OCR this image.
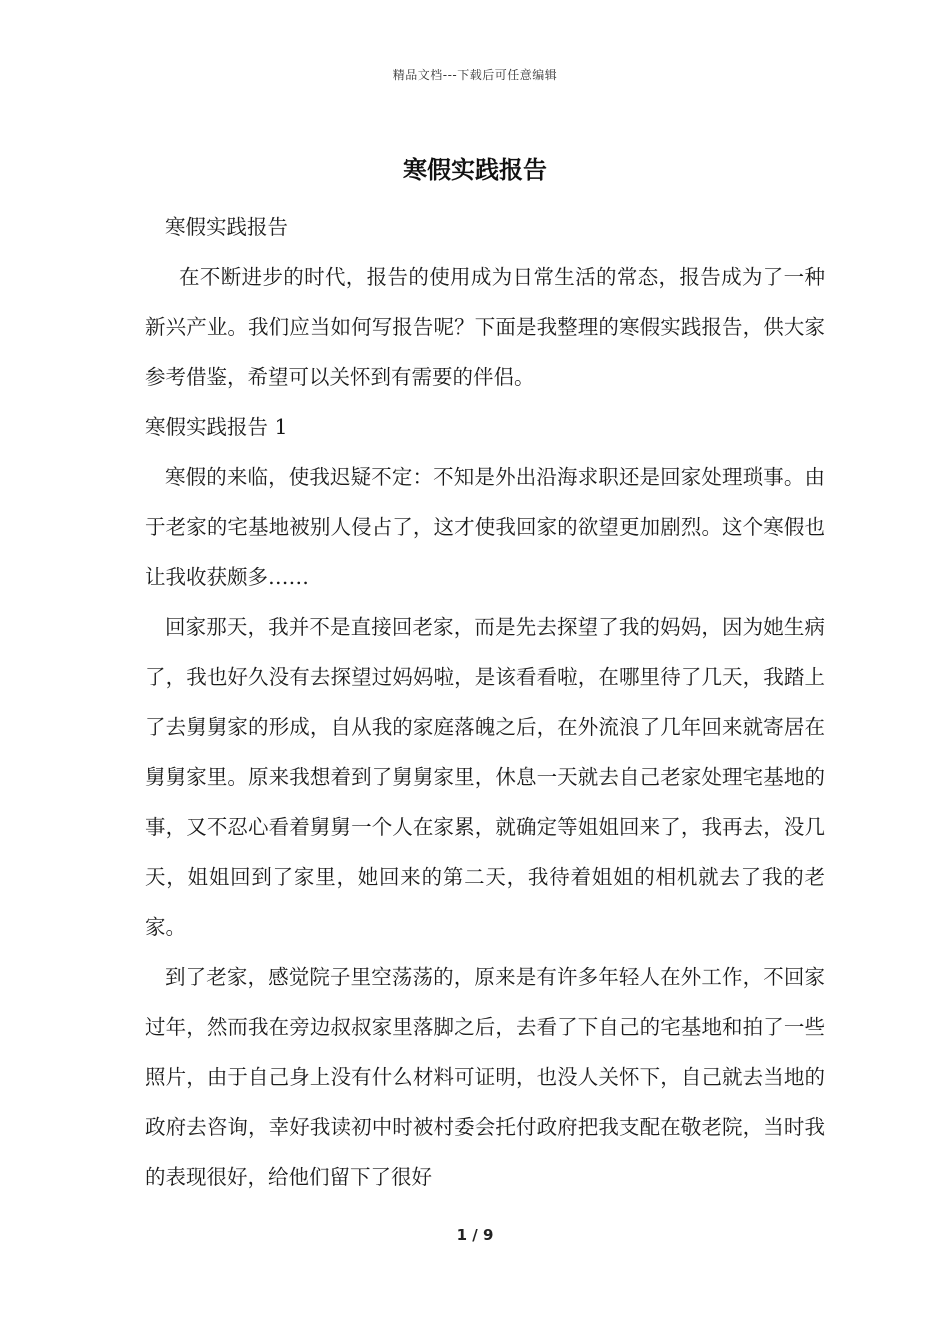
精品文档---下载后可任意编辑
寒假实践报告

寒假实践报告

在不断进步的时代，报告的使用成为日常生活的常态，报告成为了一种新兴产业。我们应当如何写报告呢？下面是我整理的寒假实践报告，供大家参考借鉴，希望可以关怀到有需要的伴侣。

寒假实践报告 1

寒假的来临，使我迟疑不定：不知是外出沿海求职还是回家处理琐事。由于老家的宅基地被别人侵占了，这才使我回家的欲望更加剧烈。这个寒假也让我收获颇多……

回家那天，我并不是直接回老家，而是先去探望了我的妈妈，因为她生病了，我也好久没有去探望过妈妈啦，是该看看啦，在哪里待了几天，我踏上了去舅舅家的形成，自从我的家庭落魄之后，在外流浪了几年回来就寄居在舅舅家里。原来我想着到了舅舅家里，休息一天就去自己老家处理宅基地的事，又不忍心看着舅舅一个人在家累，就确定等姐姐回来了，我再去，没几天，姐姐回到了家里，她回来的第二天，我待着姐姐的相机就去了我的老家。

到了老家，感觉院子里空荡荡的，原来是有许多年轻人在外工作，不回家过年，然而我在旁边叔叔家里落脚之后，去看了下自己的宅基地和拍了一些照片，由于自己身上没有什么材料可证明，也没人关怀下，自己就去当地的政府去咨询，幸好我读初中时被村委会托付政府把我支配在敬老院，当时我的表现很好，给他们留下了很好

1 / 9
